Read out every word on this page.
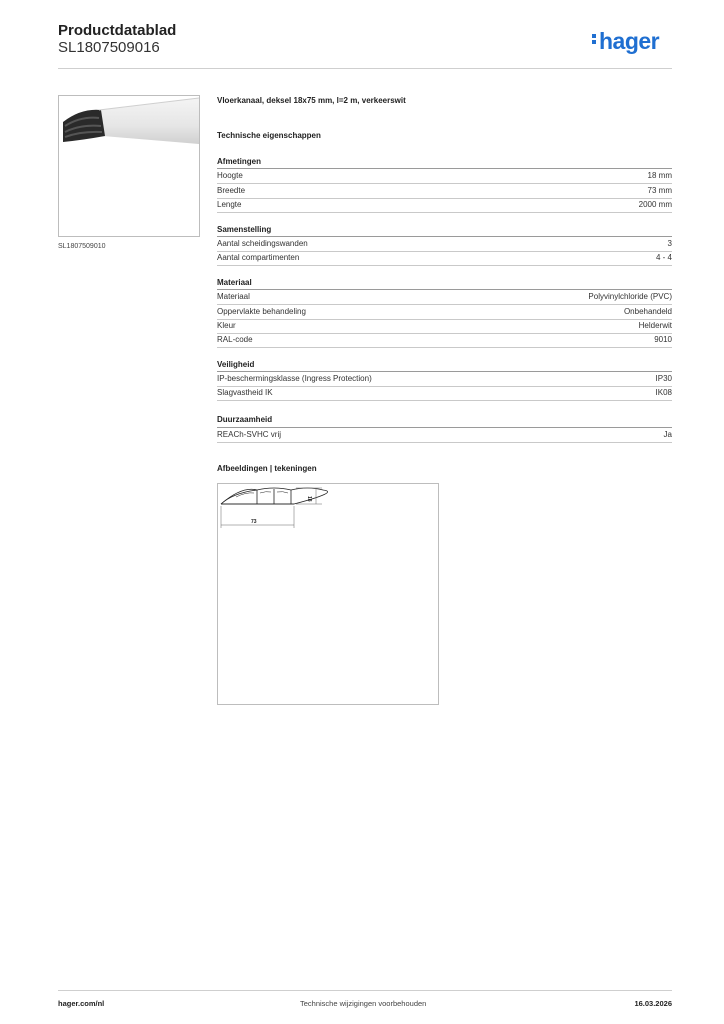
Productdatablad
SL1807509016	hager
SL1807509010
Vloerkanaal, deksel 18x75 mm, l=2 m, verkeerswit
Technische eigenschappen
Afmetingen
Hoogte	18 mm
Breedte	73 mm
Lengte	2000 mm
Samenstelling
Aantal scheidingswanden	3
Aantal compartimenten	4 - 4
Materiaal
Materiaal	Polyvinylchloride (PVC)
Oppervlakte behandeling	Onbehandeld
Kleur	Helderwit
RAL-code	9010
Veiligheid
IP-beschermingsklasse (Ingress Protection)	IP30
Slagvastheid IK	IK08
Duurzaamheid
REACh-SVHC vrij	Ja
Afbeeldingen | tekeningen
18
73
hager.com/nl	Technische wijzigingen voorbehouden	16.03.2026
